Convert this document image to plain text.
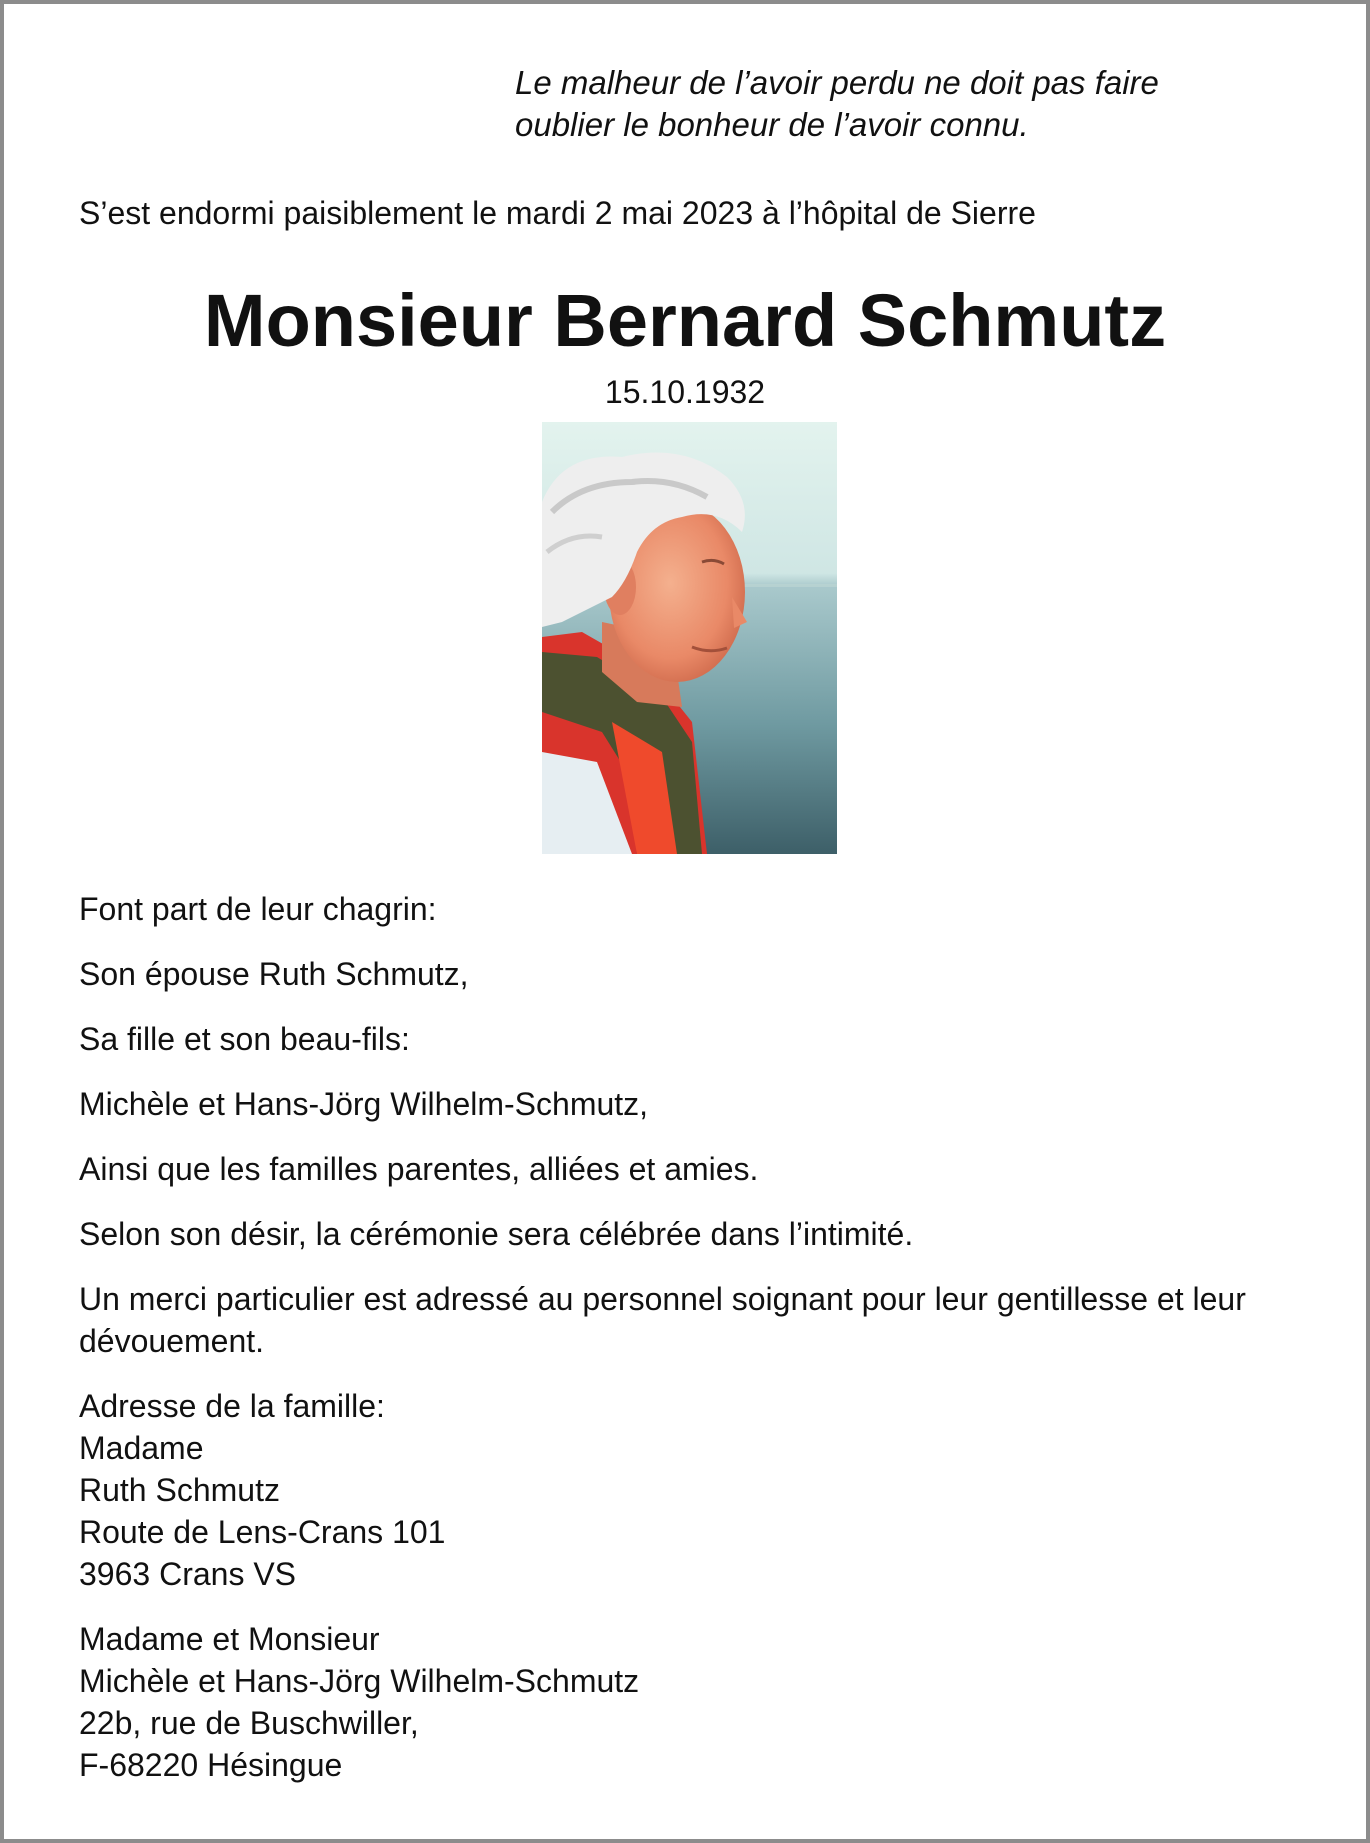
Le malheur de l’avoir perdu ne doit pas faire
oublier le bonheur de l’avoir connu.
S’est endormi paisiblement le mardi 2 mai 2023 à l’hôpital de Sierre
Monsieur Bernard Schmutz
15.10.1932

Font part de leur chagrin:

Son épouse Ruth Schmutz,

Sa fille et son beau-fils:

Michèle et Hans-Jörg Wilhelm-Schmutz,

Ainsi que les familles parentes, alliées et amies.

Selon son désir, la cérémonie sera célébrée dans l’intimité.

Un merci particulier est adressé au personnel soignant pour leur gentillesse et leur dévouement.

Adresse de la famille:
Madame
Ruth Schmutz
Route de Lens-Crans 101
3963 Crans VS
Madame et Monsieur
Michèle et Hans-Jörg Wilhelm-Schmutz
22b, rue de Buschwiller,
F-68220 Hésingue
